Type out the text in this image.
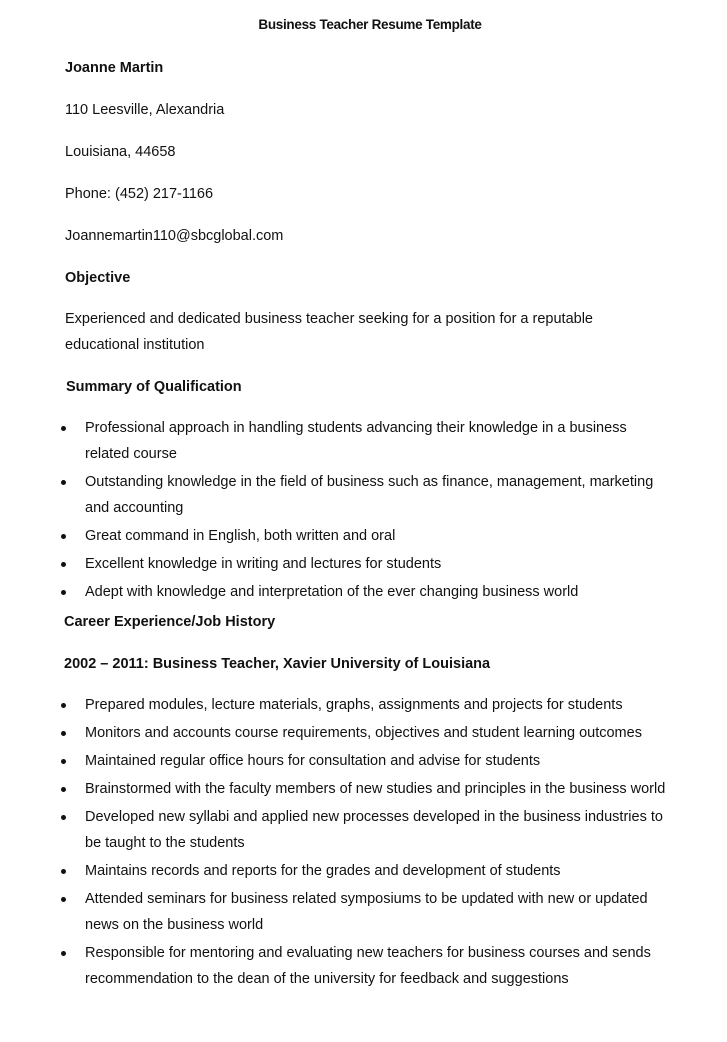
Business Teacher Resume Template
Joanne Martin
110 Leesville, Alexandria
Louisiana, 44658
Phone: (452) 217-1166
Joannemartin110@sbcglobal.com
Objective
Experienced and dedicated business teacher seeking for a position for a reputable educational institution
Summary of Qualification
Professional approach in handling students advancing their knowledge in a business related course
Outstanding knowledge in the field of business such as finance, management, marketing and accounting
Great command in English, both written and oral
Excellent knowledge in writing and lectures for students
Adept with knowledge and interpretation of the ever changing business world
Career Experience/Job History
2002 – 2011: Business Teacher, Xavier University of Louisiana
Prepared modules, lecture materials, graphs, assignments and projects for students
Monitors and accounts course requirements, objectives and student learning outcomes
Maintained regular office hours for consultation and advise for students
Brainstormed with the faculty members of new studies and principles in the business world
Developed new syllabi and applied new processes developed in the business industries to be taught to the students
Maintains records and reports for the grades and development of students
Attended seminars for business related symposiums to be updated with new or updated news on the business world
Responsible for mentoring and evaluating new teachers for business courses and sends recommendation to the dean of the university for feedback and suggestions
